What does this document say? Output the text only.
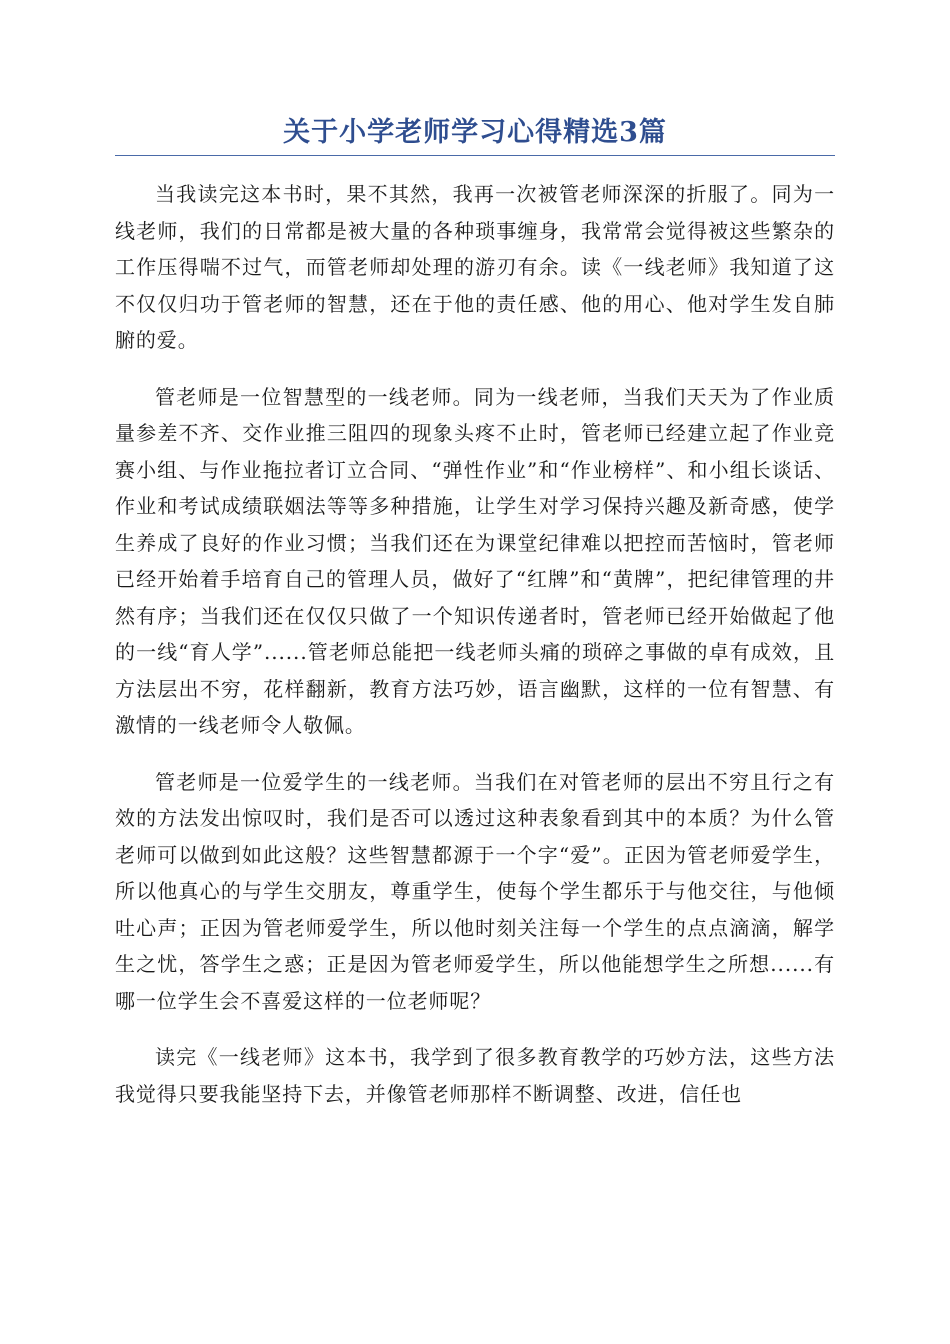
关于小学老师学习心得精选3篇

当我读完这本书时，果不其然，我再一次被管老师深深的折服了。同为一线老师，我们的日常都是被大量的各种琐事缠身，我常常会觉得被这些繁杂的工作压得喘不过气，而管老师却处理的游刃有余。读《一线老师》我知道了这不仅仅归功于管老师的智慧，还在于他的责任感、他的用心、他对学生发自肺腑的爱。

管老师是一位智慧型的一线老师。同为一线老师，当我们天天为了作业质量参差不齐、交作业推三阻四的现象头疼不止时，管老师已经建立起了作业竞赛小组、与作业拖拉者订立合同、“弹性作业”和“作业榜样”、和小组长谈话、作业和考试成绩联姻法等等多种措施，让学生对学习保持兴趣及新奇感，使学生养成了良好的作业习惯；当我们还在为课堂纪律难以把控而苦恼时，管老师已经开始着手培育自己的管理人员，做好了“红牌”和“黄牌”，把纪律管理的井然有序；当我们还在仅仅只做了一个知识传递者时，管老师已经开始做起了他的一线“育人学”......管老师总能把一线老师头痛的琐碎之事做的卓有成效，且方法层出不穷，花样翻新，教育方法巧妙，语言幽默，这样的一位有智慧、有激情的一线老师令人敬佩。

管老师是一位爱学生的一线老师。当我们在对管老师的层出不穷且行之有效的方法发出惊叹时，我们是否可以透过这种表象看到其中的本质？为什么管老师可以做到如此这般？这些智慧都源于一个字“爱”。正因为管老师爱学生，所以他真心的与学生交朋友，尊重学生，使每个学生都乐于与他交往，与他倾吐心声；正因为管老师爱学生，所以他时刻关注每一个学生的点点滴滴，解学生之忧，答学生之惑；正是因为管老师爱学生，所以他能想学生之所想......有哪一位学生会不喜爱这样的一位老师呢？

读完《一线老师》这本书，我学到了很多教育教学的巧妙方法，这些方法我觉得只要我能坚持下去，并像管老师那样不断调整、改进，信任也
